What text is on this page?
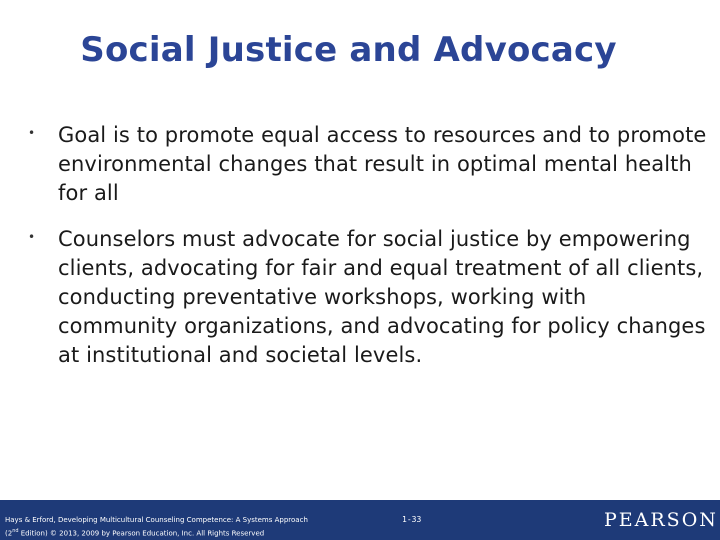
Social Justice and Advocacy
• Goal is to promote equal access to resources and to promote environmental changes that result in optimal mental health for all
• Counselors must advocate for social justice by empowering clients, advocating for fair and equal treatment of all clients, conducting preventative workshops, working with community organizations, and advocating for policy changes at institutional and societal levels.
Hays & Erford, Developing Multicultural Counseling Competence: A Systems Approach
(2nd Edition) © 2013, 2009 by Pearson Education, Inc. All Rights Reserved
1-33	PEARSON
